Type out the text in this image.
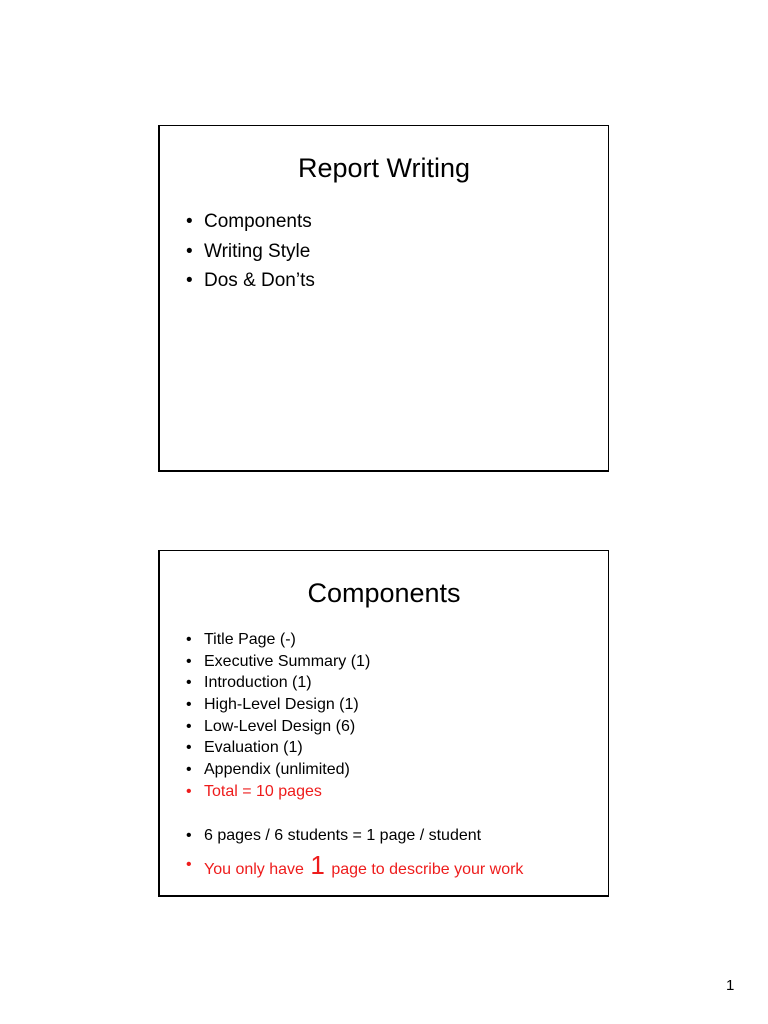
Report Writing
• Components
• Writing Style
• Dos & Don’ts
Components
• Title Page (-)
• Executive Summary (1)
• Introduction (1)
• High-Level Design (1)
• Low-Level Design (6)
• Evaluation (1)
• Appendix (unlimited)
• Total = 10 pages
• 6 pages / 6 students = 1 page / student
• You only have 1 page to describe your work
1
